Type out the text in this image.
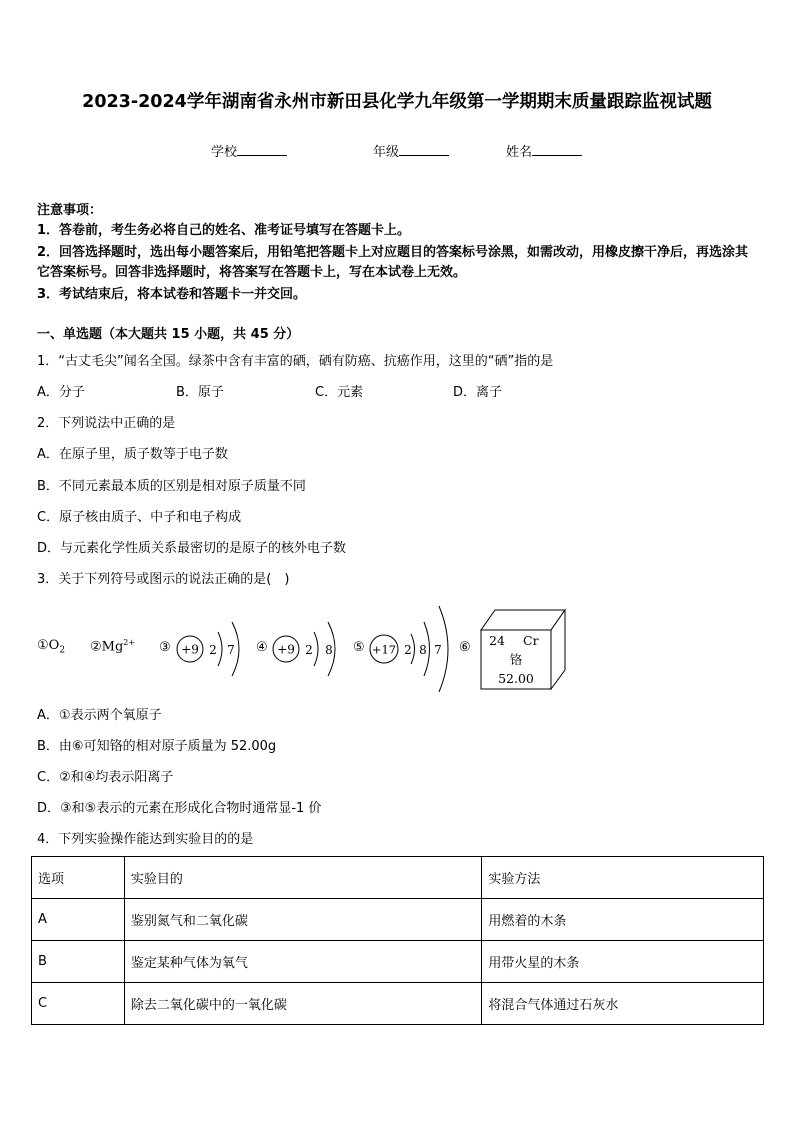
2023-2024学年湖南省永州市新田县化学九年级第一学期期末质量跟踪监视试题
学校	年级	姓名
注意事项：
1．答卷前，考生务必将自己的姓名、准考证号填写在答题卡上。
2．回答选择题时，选出每小题答案后，用铅笔把答题卡上对应题目的答案标号涂黑，如需改动，用橡皮擦干净后，再选涂其它答案标号。回答非选择题时，将答案写在答题卡上，写在本试卷上无效。
3．考试结束后，将本试卷和答题卡一并交回。
一、单选题（本大题共 15 小题，共 45 分）
1．“古丈毛尖”闻名全国。绿茶中含有丰富的硒，硒有防癌、抗癌作用，这里的“硒”指的是
A．分子	B．原子	C．元素	D．离子
2．下列说法中正确的是
A．在原子里，质子数等于电子数
B．不同元素最本质的区别是相对原子质量不同
C．原子核由质子、中子和电子构成
D．与元素化学性质关系最密切的是原子的核外电子数
3．关于下列符号或图示的说法正确的是(　)
$①O_2$ $②Mg^{2+}$ ③ +9 2 7 ④ +9 2 8 ⑤ +17 2 8 7 ⑥ 24 Cr
铬
52.00
A．①表示两个氧原子
B．由⑥可知铬的相对原子质量为 52.00g
C．②和④均表示阳离子
D．③和⑤表示的元素在形成化合物时通常显-1 价
4．下列实验操作能达到实验目的的是
选项	实验目的	实验方法
A	鉴别氮气和二氧化碳	用燃着的木条
B	鉴定某种气体为氧气	用带火星的木条
C	除去二氧化碳中的一氧化碳	将混合气体通过石灰水
